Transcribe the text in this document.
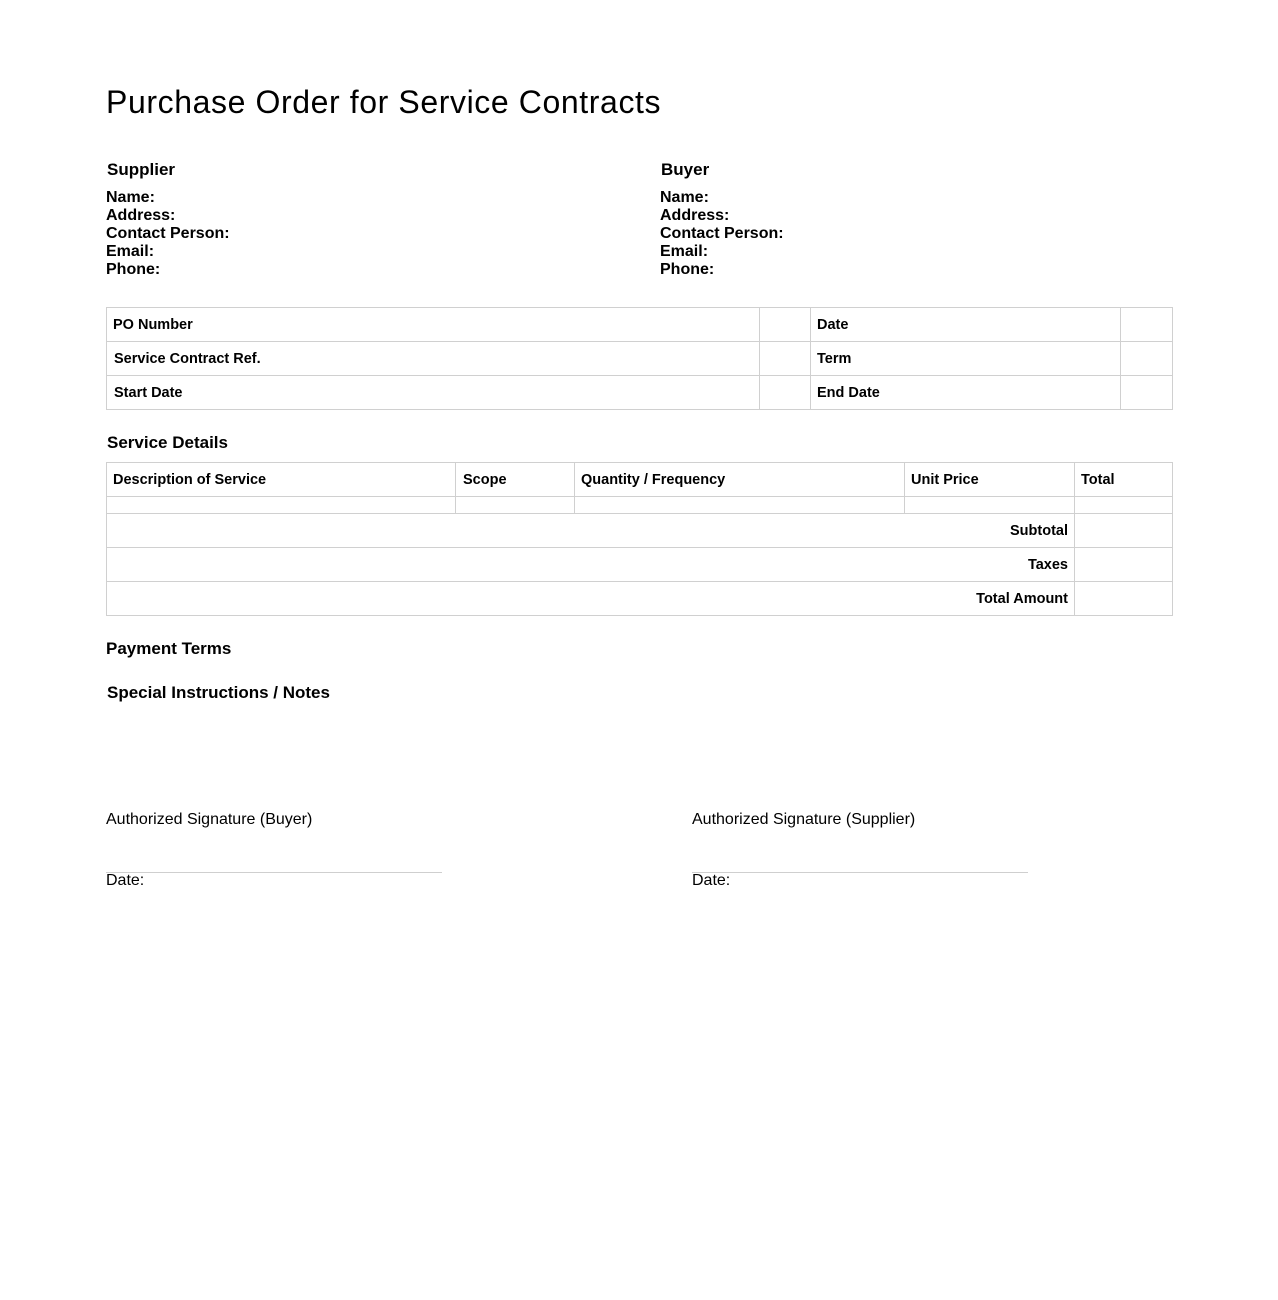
Purchase Order for Service Contracts
Supplier
Name:
Address:
Contact Person:
Email:
Phone:
Buyer
Name:
Address:
Contact Person:
Email:
Phone:
PO Number		Date	
Service Contract Ref.		Term	
Start Date		End Date	
Service Details
Description of Service	Scope	Quantity / Frequency	Unit Price	Total

Subtotal				
Taxes				
Total Amount				
Payment Terms
Special Instructions / Notes
Authorized Signature (Buyer)
Date:
Authorized Signature (Supplier)
Date:
